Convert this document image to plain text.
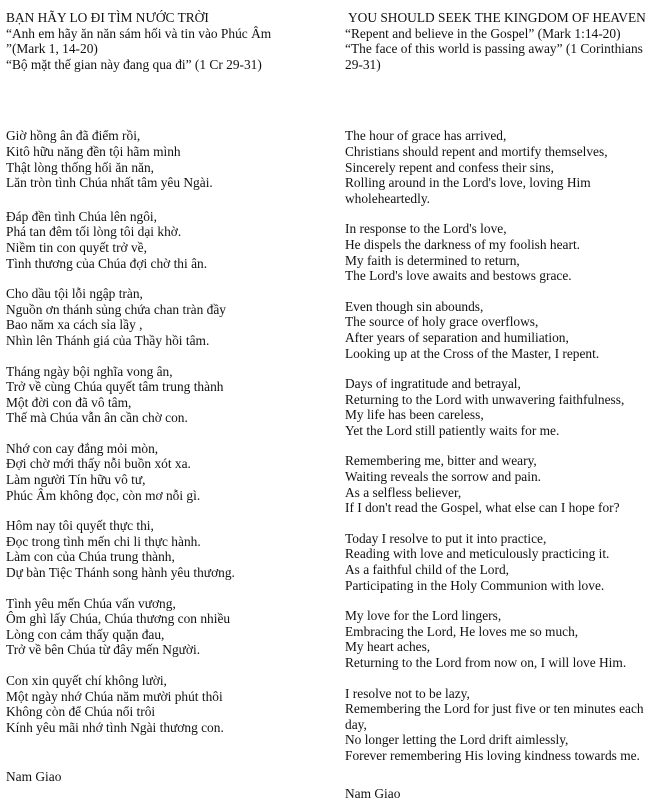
BẠN HÃY LO ĐI TÌM NƯỚC TRỜI
“Anh em hãy ăn năn sám hối và tin vào Phúc Âm
”(Mark 1, 14-20)
“Bộ mặt thế gian này đang qua đi” (1 Cr 29-31)
Giờ hồng ân đã điểm rồi,
Kitô hữu năng đền tội hãm mình
Thật lòng thống hối ăn năn,
Lăn tròn tình Chúa nhất tâm yêu Ngài.
Đáp đền tình Chúa lên ngôi,
Phá tan đêm tối lòng tôi dại khờ.
Niềm tin con quyết trở về,
Tình thương của Chúa đợi chờ thi ân.
Cho dầu tội lỗi ngập tràn,
Nguồn ơn thánh sủng chứa chan tràn đầy
Bao năm xa cách sỉa lầy ,
Nhìn lên Thánh giá của Thầy hồi tâm.
Tháng ngày bội nghĩa vong ân,
Trở về cùng Chúa quyết tâm trung thành
Một đời con đã vô tâm,
Thế mà Chúa vẫn ân cần chờ con.
Nhớ con cay đắng mỏi mòn,
Đợi chờ mới thấy nỗi buồn xót xa.
Làm người Tín hữu vô tư,
Phúc Âm không đọc, còn mơ nỗi gì.
Hôm nay tôi quyết thực thi,
Đọc trong tình mến chi li thực hành.
Làm con của Chúa trung thành,
Dự bàn Tiệc Thánh song hành yêu thương.
Tình yêu mến Chúa vấn vương,
Ôm ghì lấy Chúa, Chúa thương con nhiều
Lòng con cảm thấy quặn đau,
Trở về bên Chúa từ đây mến Người.
Con xin quyết chí không lười,
Một ngày nhớ Chúa năm mười phút thôi
Không còn để Chúa nổi trôi
Kính yêu mãi nhớ tình Ngài thương con.
Nam Giao
YOU SHOULD SEEK THE KINGDOM OF HEAVEN
“Repent and believe in the Gospel” (Mark 1:14-20)
“The face of this world is passing away” (1 Corinthians 29-31)
The hour of grace has arrived,
Christians should repent and mortify themselves,
Sincerely repent and confess their sins,
Rolling around in the Lord's love, loving Him wholeheartedly.
In response to the Lord's love,
He dispels the darkness of my foolish heart.
My faith is determined to return,
The Lord's love awaits and bestows grace.
Even though sin abounds,
The source of holy grace overflows,
After years of separation and humiliation,
Looking up at the Cross of the Master, I repent.
Days of ingratitude and betrayal,
Returning to the Lord with unwavering faithfulness,
My life has been careless,
Yet the Lord still patiently waits for me.
Remembering me, bitter and weary,
Waiting reveals the sorrow and pain.
As a selfless believer,
If I don't read the Gospel, what else can I hope for?
Today I resolve to put it into practice,
Reading with love and meticulously practicing it.
As a faithful child of the Lord,
Participating in the Holy Communion with love.
My love for the Lord lingers,
Embracing the Lord, He loves me so much,
My heart aches,
Returning to the Lord from now on, I will love Him.
I resolve not to be lazy,
Remembering the Lord for just five or ten minutes each day,
No longer letting the Lord drift aimlessly,
Forever remembering His loving kindness towards me.
Nam Giao
